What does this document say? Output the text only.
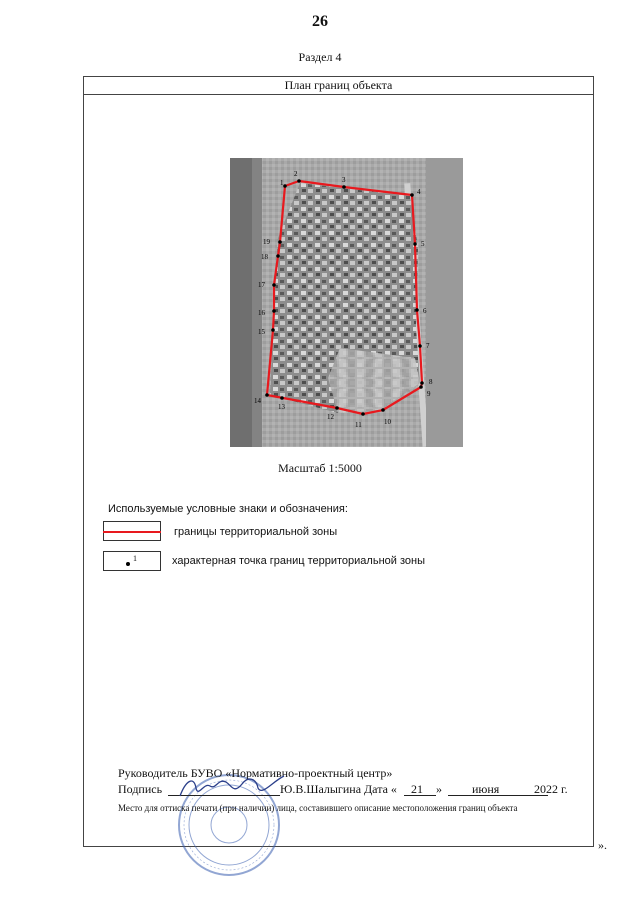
26
Раздел 4
План границ объекта
1
2
3
4
5
6
7
8
9
10
11
12
13
14
15
16
17
18
19
Масштаб 1:5000
Используемые условные знаки и обозначения:
границы территориальной зоны
1	характерная точка границ территориальной зоны
Руководитель БУВО «Нормативно-проектный центр»
Подпись	Ю.В.Шалыгина Дата « 21 »	июня	2022 г.
Место для оттиска печати (при наличии) лица, составившего описание местоположения границ объекта
».
